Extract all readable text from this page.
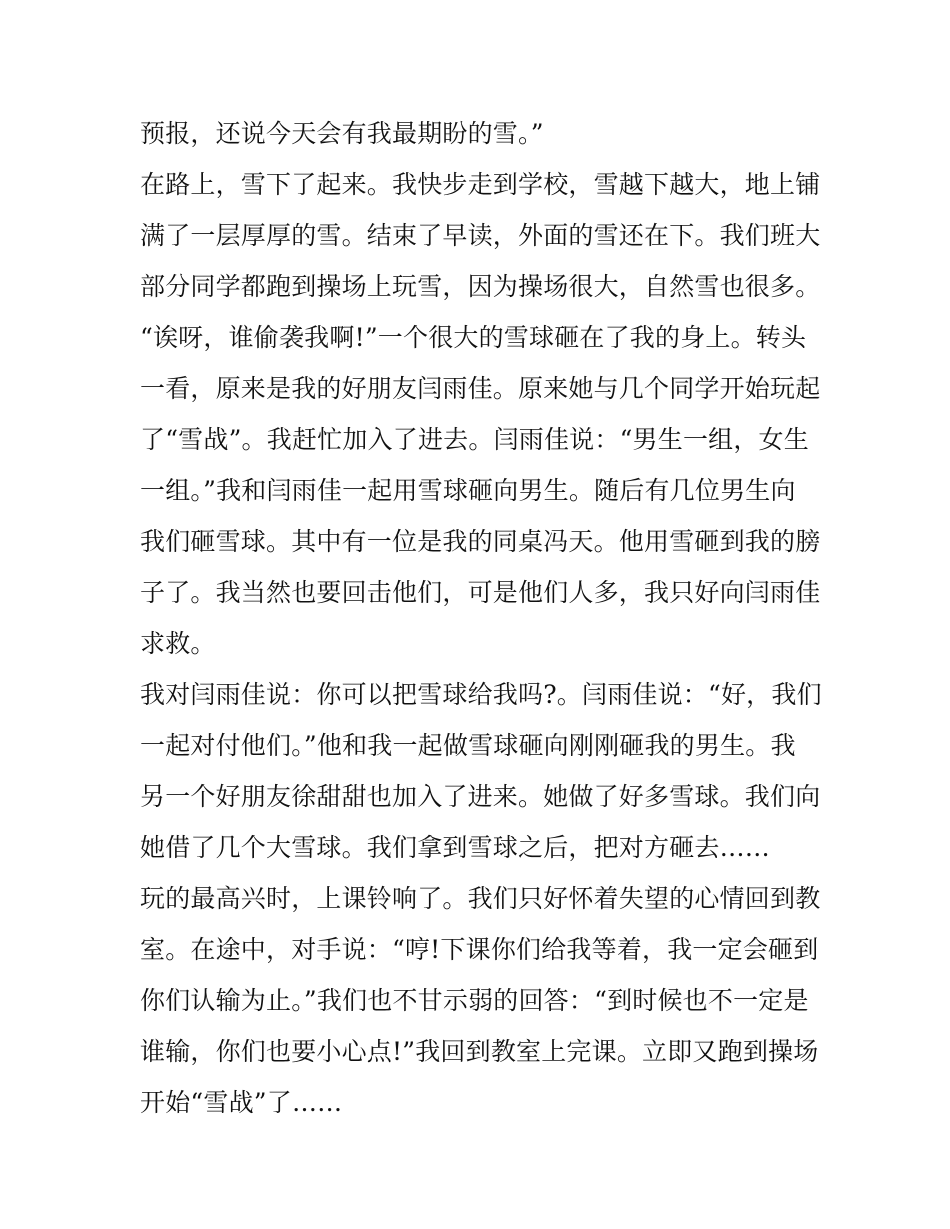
预报，还说今天会有我最期盼的雪。”
在路上，雪下了起来。我快步走到学校，雪越下越大，地上铺
满了一层厚厚的雪。结束了早读，外面的雪还在下。我们班大
部分同学都跑到操场上玩雪，因为操场很大，自然雪也很多。
“诶呀，谁偷袭我啊!”一个很大的雪球砸在了我的身上。转头
一看，原来是我的好朋友闫雨佳。原来她与几个同学开始玩起
了“雪战”。我赶忙加入了进去。闫雨佳说：“男生一组，女生
一组。”我和闫雨佳一起用雪球砸向男生。随后有几位男生向
我们砸雪球。其中有一位是我的同桌冯天。他用雪砸到我的膀
子了。我当然也要回击他们，可是他们人多，我只好向闫雨佳
求救。
我对闫雨佳说：你可以把雪球给我吗?。闫雨佳说：“好，我们
一起对付他们。”他和我一起做雪球砸向刚刚砸我的男生。我
另一个好朋友徐甜甜也加入了进来。她做了好多雪球。我们向
她借了几个大雪球。我们拿到雪球之后，把对方砸去……
玩的最高兴时，上课铃响了。我们只好怀着失望的心情回到教
室。在途中，对手说：“哼!下课你们给我等着，我一定会砸到
你们认输为止。”我们也不甘示弱的回答：“到时候也不一定是
谁输，你们也要小心点!”我回到教室上完课。立即又跑到操场
开始“雪战”了……
